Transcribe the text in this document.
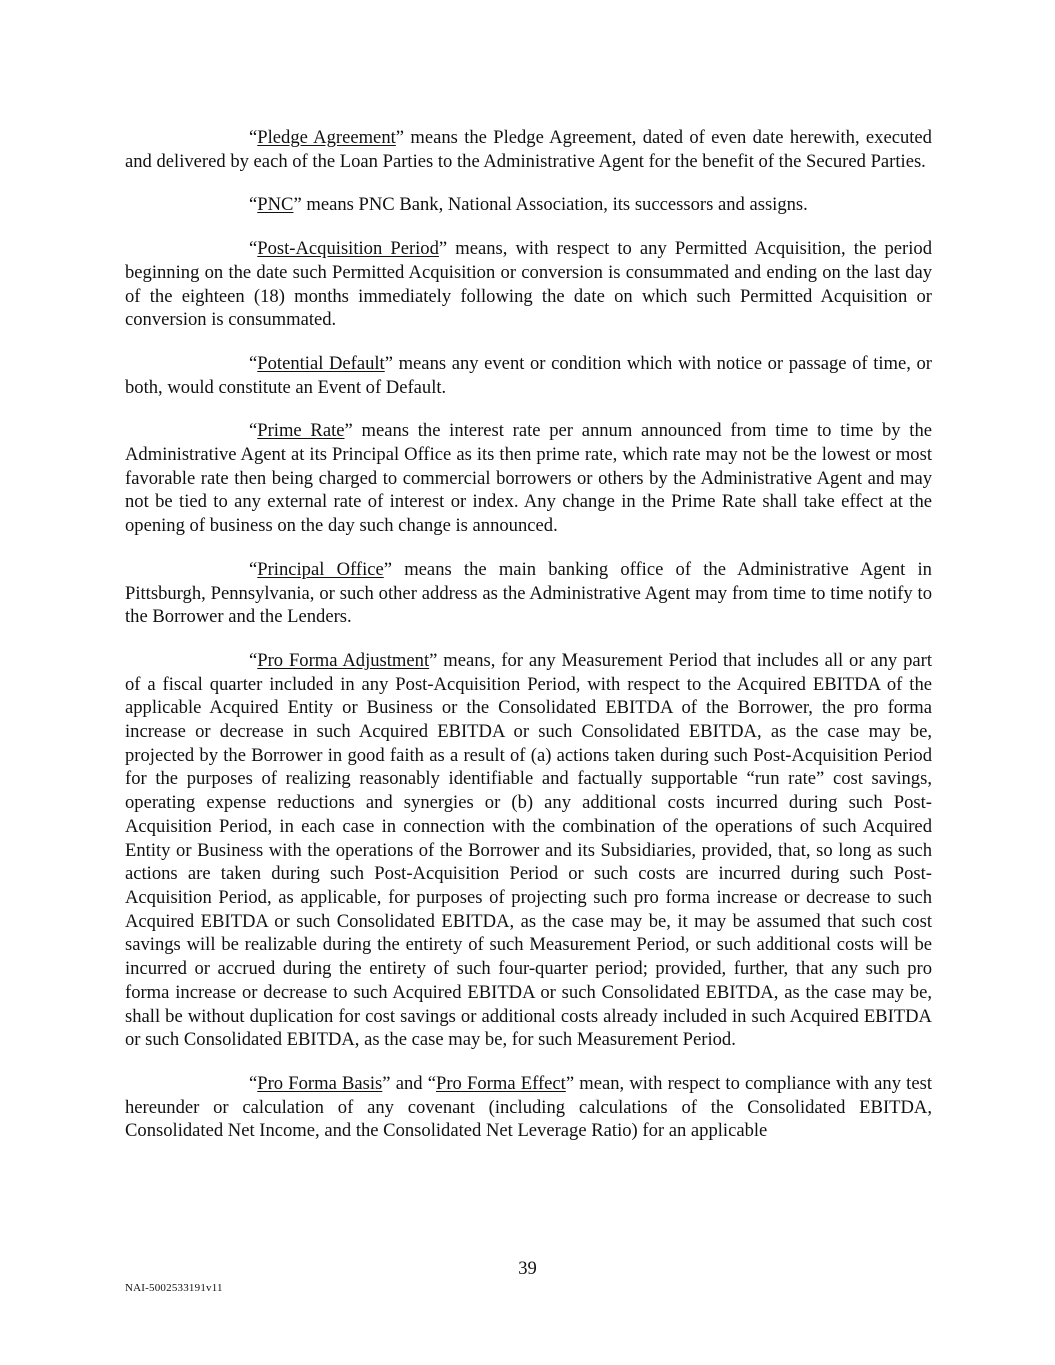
“Pledge Agreement” means the Pledge Agreement, dated of even date herewith, executed and delivered by each of the Loan Parties to the Administrative Agent for the benefit of the Secured Parties.

“PNC” means PNC Bank, National Association, its successors and assigns.

“Post-Acquisition Period” means, with respect to any Permitted Acquisition, the period beginning on the date such Permitted Acquisition or conversion is consummated and ending on the last day of the eighteen (18) months immediately following the date on which such Permitted Acquisition or conversion is consummated.

“Potential Default” means any event or condition which with notice or passage of time, or both, would constitute an Event of Default.

“Prime Rate” means the interest rate per annum announced from time to time by the Administrative Agent at its Principal Office as its then prime rate, which rate may not be the lowest or most favorable rate then being charged to commercial borrowers or others by the Administrative Agent and may not be tied to any external rate of interest or index. Any change in the Prime Rate shall take effect at the opening of business on the day such change is announced.

“Principal Office” means the main banking office of the Administrative Agent in Pittsburgh, Pennsylvania, or such other address as the Administrative Agent may from time to time notify to the Borrower and the Lenders.

“Pro Forma Adjustment” means, for any Measurement Period that includes all or any part of a fiscal quarter included in any Post-Acquisition Period, with respect to the Acquired EBITDA of the applicable Acquired Entity or Business or the Consolidated EBITDA of the Borrower, the pro forma increase or decrease in such Acquired EBITDA or such Consolidated EBITDA, as the case may be, projected by the Borrower in good faith as a result of (a) actions taken during such Post-Acquisition Period for the purposes of realizing reasonably identifiable and factually supportable “run rate” cost savings, operating expense reductions and synergies or (b) any additional costs incurred during such Post-Acquisition Period, in each case in connection with the combination of the operations of such Acquired Entity or Business with the operations of the Borrower and its Subsidiaries, provided, that, so long as such actions are taken during such Post-Acquisition Period or such costs are incurred during such Post-Acquisition Period, as applicable, for purposes of projecting such pro forma increase or decrease to such Acquired EBITDA or such Consolidated EBITDA, as the case may be, it may be assumed that such cost savings will be realizable during the entirety of such Measurement Period, or such additional costs will be incurred or accrued during the entirety of such four-quarter period; provided, further, that any such pro forma increase or decrease to such Acquired EBITDA or such Consolidated EBITDA, as the case may be, shall be without duplication for cost savings or additional costs already included in such Acquired EBITDA or such Consolidated EBITDA, as the case may be, for such Measurement Period.

“Pro Forma Basis” and “Pro Forma Effect” mean, with respect to compliance with any test hereunder or calculation of any covenant (including calculations of the Consolidated EBITDA, Consolidated Net Income, and the Consolidated Net Leverage Ratio) for an applicable

39
NAI-5002533191v11
